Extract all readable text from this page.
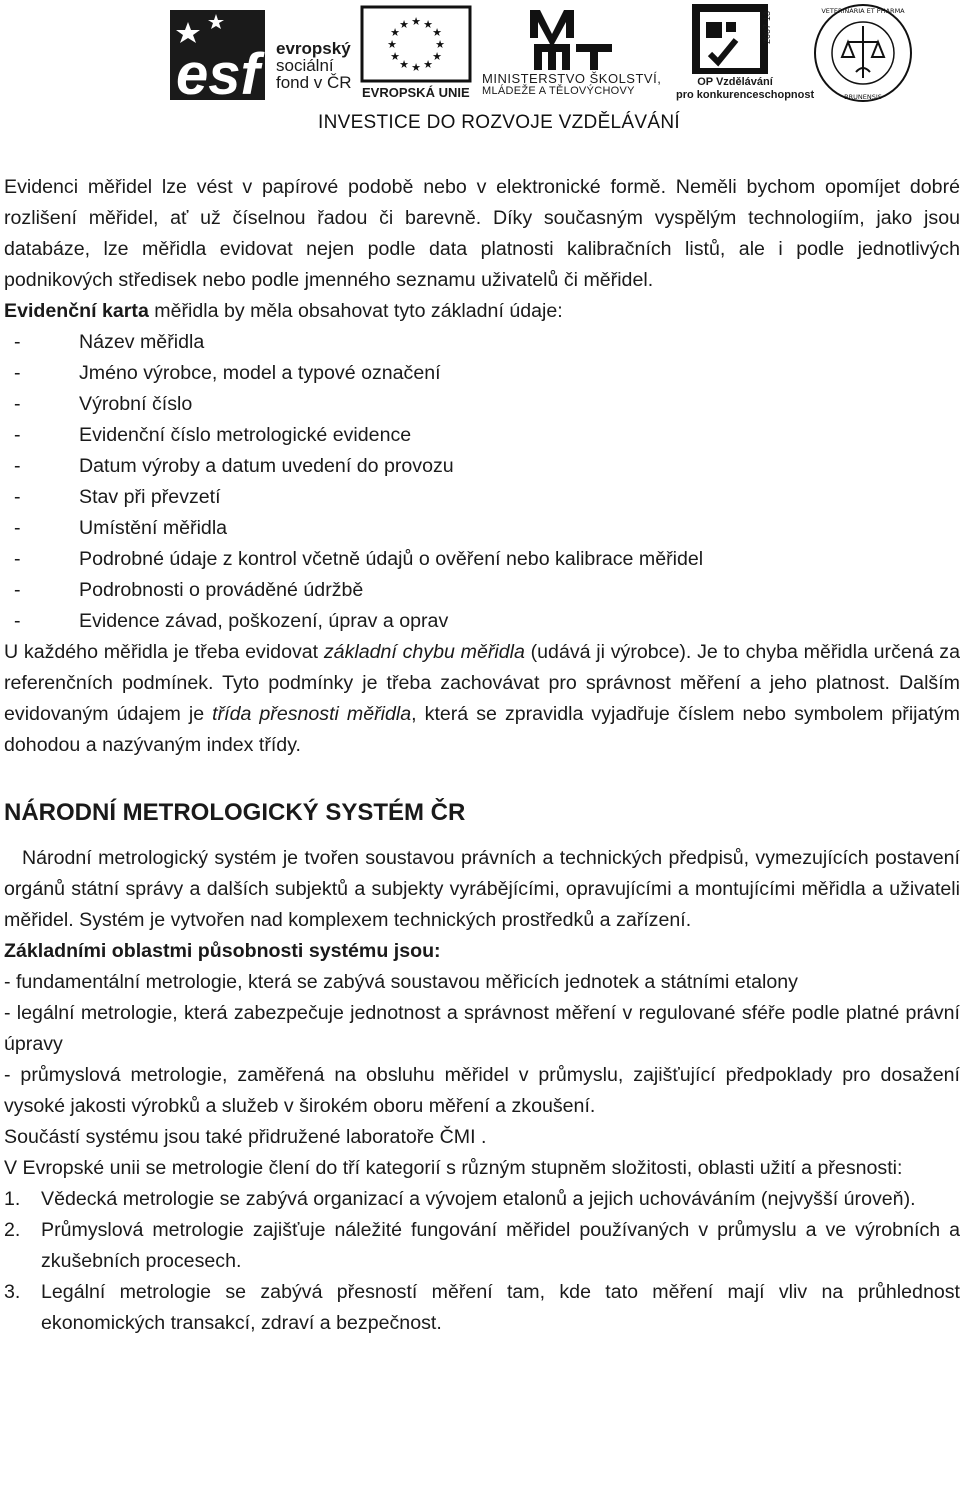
esf evropský
sociální
fond v ČR
★ ★
★
★
★
★
★
★
★
★
★
★
EVROPSKÁ UNIE
MINISTERSTVO ŠKOLSTVÍ,
MLÁDEŽE A TĚLOVÝCHOVY
2007-13
OP Vzdělávání
pro konkurenceschopnost
VETERINARIA ET PHARMA
BRUNENSIS
INVESTICE DO ROZVOJE VZDĚLÁVÁNÍ

Evidenci měřidel lze vést v papírové podobě nebo v elektronické formě. Neměli bychom opomíjet dobré rozlišení měřidel, ať už číselnou řadou či barevně. Díky současným vyspělým technologiím, jako jsou databáze, lze měřidla evidovat nejen podle data platnosti kalibračních listů, ale i podle jednotlivých podnikových středisek nebo podle jmenného seznamu uživatelů či měřidel.

Evidenční karta měřidla by měla obsahovat tyto základní údaje:

- Název měřidla
- Jméno výrobce, model a typové označení
- Výrobní číslo
- Evidenční číslo metrologické evidence
- Datum výroby a datum uvedení do provozu
- Stav při převzetí
- Umístění měřidla
- Podrobné údaje z kontrol včetně údajů o ověření nebo kalibrace měřidel
- Podrobnosti o prováděné údržbě
- Evidence závad, poškození, úprav a oprav

U každého měřidla je třeba evidovat základní chybu měřidla (udává ji výrobce). Je to chyba měřidla určená za referenčních podmínek. Tyto podmínky je třeba zachovávat pro správnost měření a jeho platnost. Dalším evidovaným údajem je třída přesnosti měřidla, která se zpravidla vyjadřuje číslem nebo symbolem přijatým dohodou a nazývaným index třídy.

NÁRODNÍ METROLOGICKÝ SYSTÉM ČR

Národní metrologický systém je tvořen soustavou právních a technických předpisů, vymezujících postavení orgánů státní správy a dalších subjektů a subjekty vyrábějícími, opravujícími a montujícími měřidla a uživateli měřidel. Systém je vytvořen nad komplexem technických prostředků a zařízení.

Základními oblastmi působnosti systému jsou:

- fundamentální metrologie, která se zabývá soustavou měřicích jednotek a státními etalony

- legální metrologie, která zabezpečuje jednotnost a správnost měření v regulované sféře podle platné právní úpravy

- průmyslová metrologie, zaměřená na obsluhu měřidel v průmyslu, zajišťující předpoklady pro dosažení vysoké jakosti výrobků a služeb v širokém oboru měření a zkoušení.

Součástí systému jsou také přidružené laboratoře ČMI .

V Evropské unii se metrologie člení do tří kategorií s různým stupněm složitosti, oblasti užití a přesnosti:

1. Vědecká metrologie se zabývá organizací a vývojem etalonů a jejich uchováváním (nejvyšší úroveň).
2. Průmyslová metrologie zajišťuje náležité fungování měřidel používaných v průmyslu a ve výrobních a zkušebních procesech.
3. Legální metrologie se zabývá přesností měření tam, kde tato měření mají vliv na průhlednost ekonomických transakcí, zdraví a bezpečnost.
